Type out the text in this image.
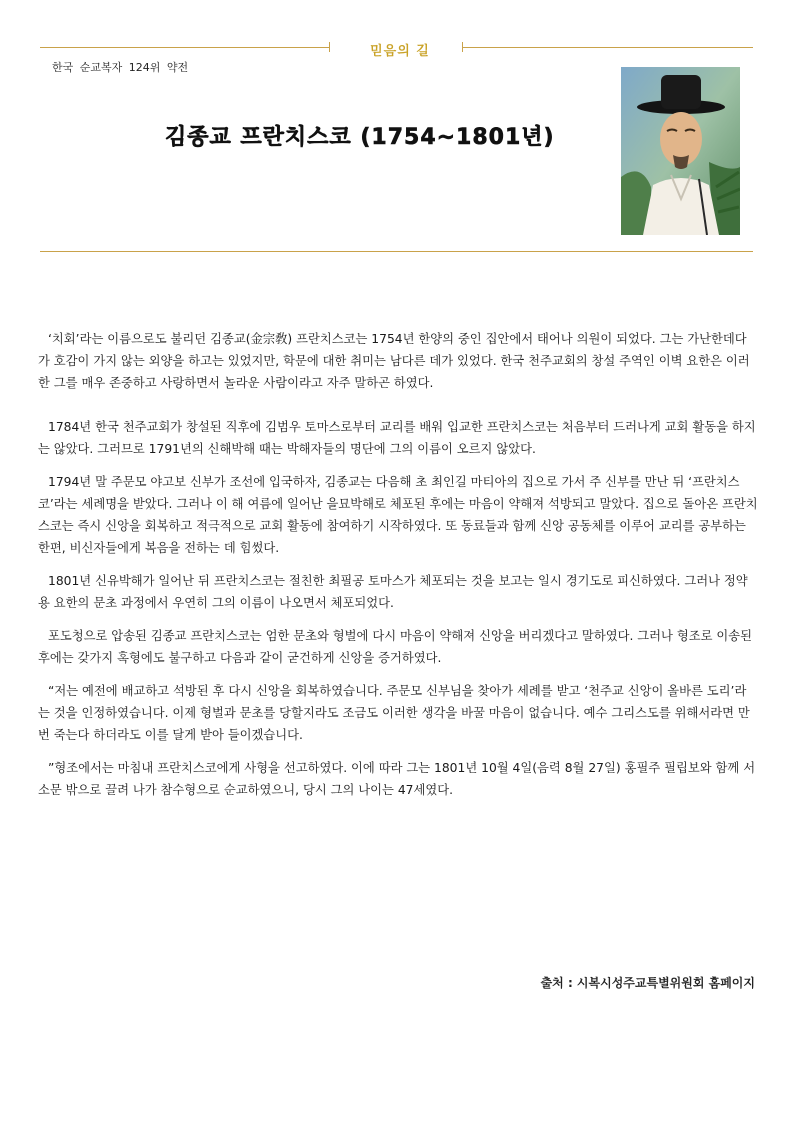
믿음의 길
한국 순교복자 124위 약전
김종교 프란치스코 (1754~1801년)

‘치회’라는 이름으로도 불리던 김종교(金宗敎) 프란치스코는 1754년 한양의 중인 집안에서 태어나 의원이 되었다. 그는 가난한데다가 호감이 가지 않는 외양을 하고는 있었지만, 학문에 대한 취미는 남다른 데가 있었다. 한국 천주교회의 창설 주역인 이벽 요한은 이러한 그를 매우 존중하고 사랑하면서 놀라운 사람이라고 자주 말하곤 하였다.

1784년 한국 천주교회가 창설된 직후에 김범우 토마스로부터 교리를 배워 입교한 프란치스코는 처음부터 드러나게 교회 활동을 하지는 않았다. 그러므로 1791년의 신해박해 때는 박해자들의 명단에 그의 이름이 오르지 않았다.

1794년 말 주문모 야고보 신부가 조선에 입국하자, 김종교는 다음해 초 최인길 마티아의 집으로 가서 주 신부를 만난 뒤 ‘프란치스코’라는 세례명을 받았다. 그러나 이 해 여름에 일어난 을묘박해로 체포된 후에는 마음이 약해져 석방되고 말았다. 집으로 돌아온 프란치스코는 즉시 신앙을 회복하고 적극적으로 교회 활동에 참여하기 시작하였다. 또 동료들과 함께 신앙 공동체를 이루어 교리를 공부하는 한편, 비신자들에게 복음을 전하는 데 힘썼다.

1801년 신유박해가 일어난 뒤 프란치스코는 절친한 최필공 토마스가 체포되는 것을 보고는 일시 경기도로 피신하였다. 그러나 정약용 요한의 문초 과정에서 우연히 그의 이름이 나오면서 체포되었다.

포도청으로 압송된 김종교 프란치스코는 엄한 문초와 형벌에 다시 마음이 약해져 신앙을 버리겠다고 말하였다. 그러나 형조로 이송된 후에는 갖가지 혹형에도 불구하고 다음과 같이 굳건하게 신앙을 증거하였다.

“저는 예전에 배교하고 석방된 후 다시 신앙을 회복하였습니다. 주문모 신부님을 찾아가 세례를 받고 ‘천주교 신앙이 올바른 도리’라는 것을 인정하였습니다. 이제 형벌과 문초를 당할지라도 조금도 이러한 생각을 바꿀 마음이 없습니다. 예수 그리스도를 위해서라면 만 번 죽는다 하더라도 이를 달게 받아 들이겠습니다.

”형조에서는 마침내 프란치스코에게 사형을 선고하였다. 이에 따라 그는 1801년 10월 4일(음력 8월 27일) 홍필주 필립보와 함께 서소문 밖으로 끌려 나가 참수형으로 순교하였으니, 당시 그의 나이는 47세였다.

출처 : 시복시성주교특별위원회 홈페이지
